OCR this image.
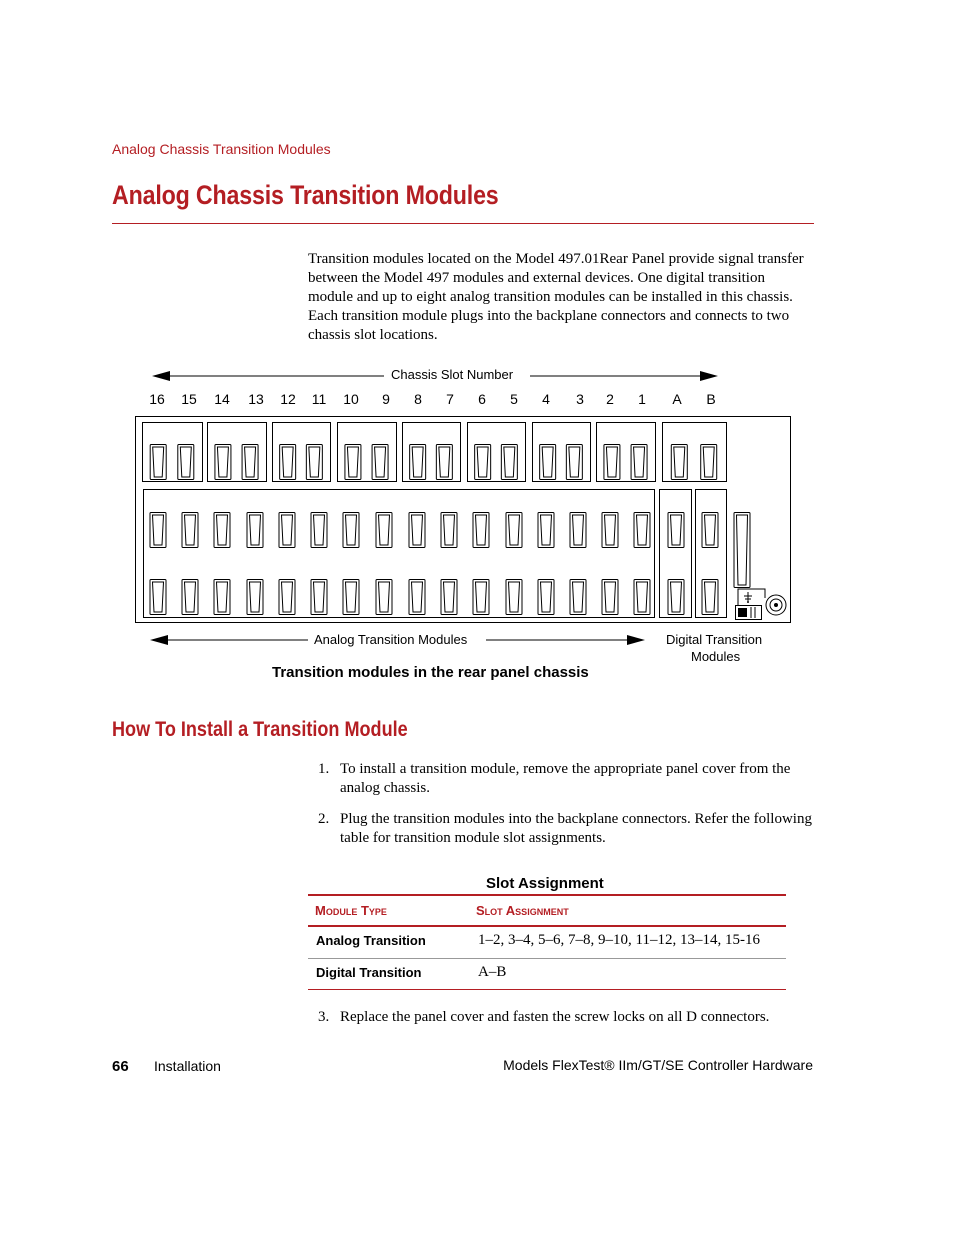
Analog Chassis Transition Modules
Analog Chassis Transition Modules

Transition modules located on the Model 497.01Rear Panel provide signal transfer between the Model 497 modules and external devices. One digital transition module and up to eight analog transition modules can be installed in this chassis. Each transition module plugs into the backplane connectors and connects to two chassis slot locations.

Chassis Slot Number
16 15 14 13 12 11 10	9	8	7	6	5	4	3	2	1	A	B
Analog Transition Modules	Digital Transition
Modules
Transition modules in the rear panel chassis
How To Install a Transition Module
1. To install a transition module, remove the appropriate panel cover from the analog chassis.
2. Plug the transition modules into the backplane connectors. Refer the following table for transition module slot assignments.
Slot Assignment
Module Type	Slot Assignment
Analog Transition	1–2, 3–4, 5–6, 7–8, 9–10, 11–12, 13–14, 15-16
Digital Transition	A–B
3. Replace the panel cover and fasten the screw locks on all D connectors.
66 Installation	Models FlexTest® IIm/GT/SE Controller Hardware
